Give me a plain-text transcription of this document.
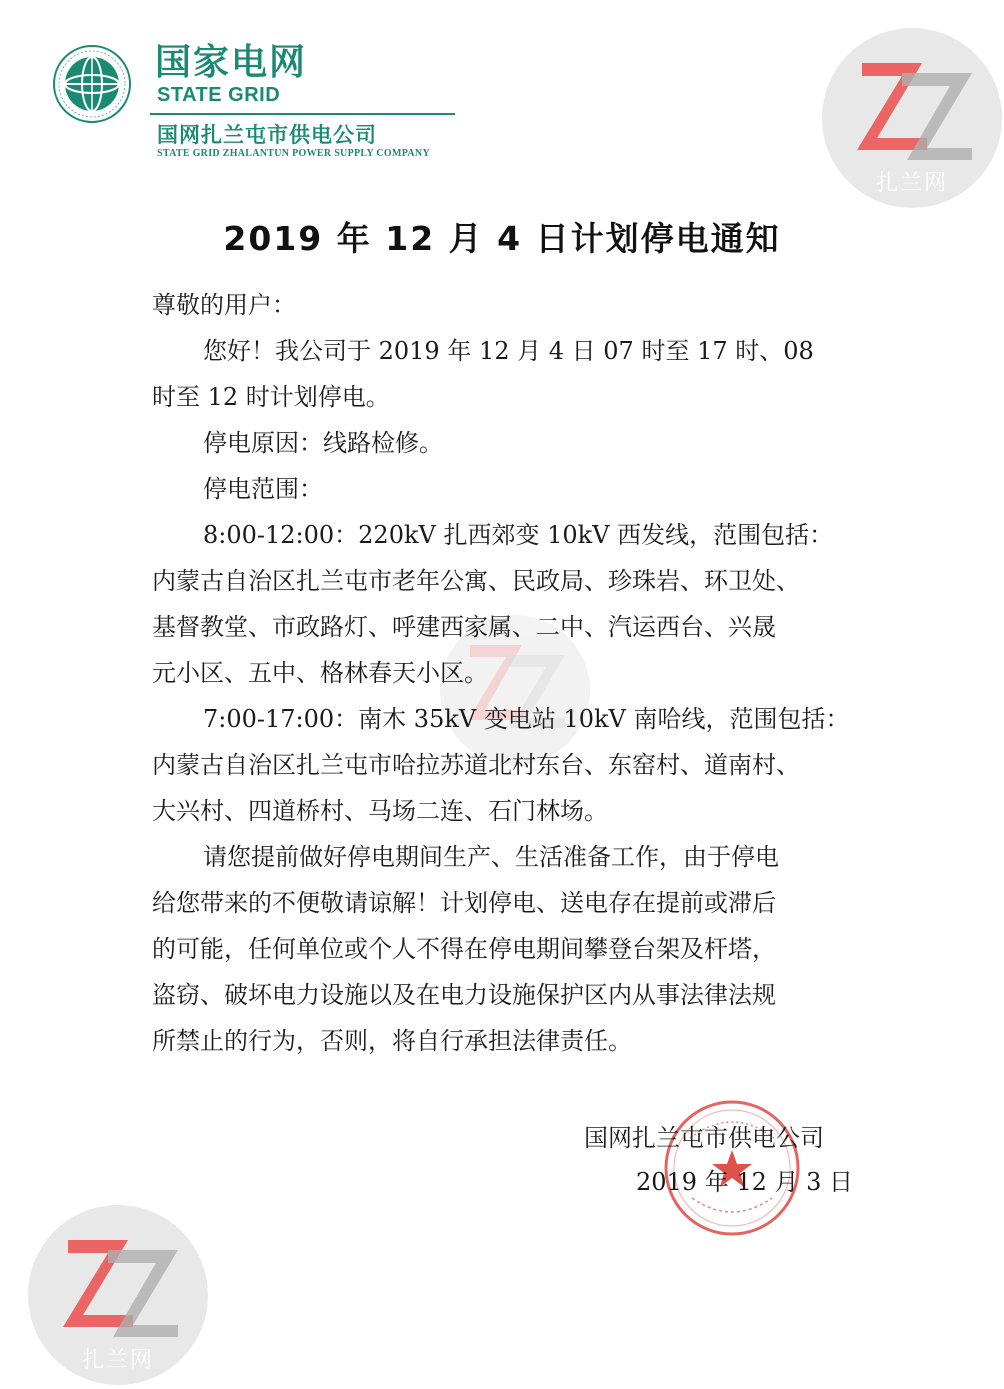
国家电网
STATE GRID
国网扎兰屯市供电公司
STATE GRID ZHALANTUN POWER SUPPLY COMPANY
扎兰网
2019 年 12 月 4 日计划停电通知
尊敬的用户：
您好！我公司于 2019 年 12 月 4 日 07 时至 17 时、08
时至 12 时计划停电。
停电原因：线路检修。
停电范围：
8:00-12:00：220kV 扎西郊变 10kV 西发线，范围包括：
内蒙古自治区扎兰屯市老年公寓、民政局、珍珠岩、环卫处、
基督教堂、市政路灯、呼建西家属、二中、汽运西台、兴晟
元小区、五中、格林春天小区。
7:00-17:00：南木 35kV 变电站 10kV 南哈线，范围包括：
内蒙古自治区扎兰屯市哈拉苏道北村东台、东窑村、道南村、
大兴村、四道桥村、马场二连、石门林场。
请您提前做好停电期间生产、生活准备工作，由于停电
给您带来的不便敬请谅解！计划停电、送电存在提前或滞后
的可能，任何单位或个人不得在停电期间攀登台架及杆塔，
盗窃、破坏电力设施以及在电力设施保护区内从事法律法规
所禁止的行为，否则，将自行承担法律责任。
国网扎兰屯市供电公司
2019 年 12 月 3 日
扎兰网
